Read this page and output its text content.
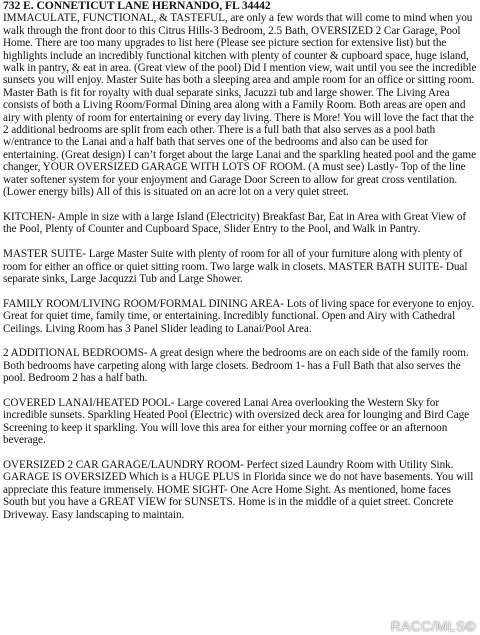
732 E. CONNETICUT LANE HERNANDO, FL 34442

IMMACULATE, FUNCTIONAL, & TASTEFUL, are only a few words that will come to mind when you walk through the front door to this Citrus Hills-3 Bedroom, 2.5 Bath, OVERSIZED 2 Car Garage, Pool Home. There are too many upgrades to list here (Please see picture section for extensive list) but the highlights include an incredibly functional kitchen with plenty of counter & cupboard space, huge island, walk in pantry, & eat in area. (Great view of the pool) Did I mention view, wait until you see the incredible sunsets you will enjoy. Master Suite has both a sleeping area and ample room for an office or sitting room. Master Bath is fit for royalty with dual separate sinks, Jacuzzi tub and large shower. The Living Area consists of both a Living Room/Formal Dining area along with a Family Room. Both areas are open and airy with plenty of room for entertaining or every day living. There is More! You will love the fact that the 2 additional bedrooms are split from each other. There is a full bath that also serves as a pool bath w/entrance to the Lanai and a half bath that serves one of the bedrooms and also can be used for entertaining. (Great design) I can’t forget about the large Lanai and the sparkling heated pool and the game changer, YOUR OVERSIZED GARAGE WITH LOTS OF ROOM. (A must see) Lastly- Top of the line water softener system for your enjoyment and Garage Door Screen to allow for great cross ventilation. (Lower energy bills) All of this is situated on an acre lot on a very quiet street.

KITCHEN- Ample in size with a large Island (Electricity) Breakfast Bar, Eat in Area with Great View of the Pool, Plenty of Counter and Cupboard Space, Slider Entry to the Pool, and Walk in Pantry.

MASTER SUITE- Large Master Suite with plenty of room for all of your furniture along with plenty of room for either an office or quiet sitting room. Two large walk in closets. MASTER BATH SUITE- Dual separate sinks, Large Jacquzzi Tub and Large Shower.

FAMILY ROOM/LIVING ROOM/FORMAL DINING AREA- Lots of living space for everyone to enjoy. Great for quiet time, family time, or entertaining. Incredibly functional. Open and Airy with Cathedral Ceilings. Living Room has 3 Panel Slider leading to Lanai/Pool Area.

2 ADDITIONAL BEDROOMS- A great design where the bedrooms are on each side of the family room. Both bedrooms have carpeting along with large closets. Bedroom 1- has a Full Bath that also serves the pool. Bedroom 2 has a half bath.

COVERED LANAI/HEATED POOL- Large covered Lanai Area overlooking the Western Sky for incredible sunsets. Sparkling Heated Pool (Electric) with oversized deck area for lounging and Bird Cage Screening to keep it sparkling. You will love this area for either your morning coffee or an afternoon beverage.

OVERSIZED 2 CAR GARAGE/LAUNDRY ROOM- Perfect sized Laundry Room with Utility Sink. GARAGE IS OVERSIZED Which is a HUGE PLUS in Florida since we do not have basements. You will appreciate this feature immensely. HOME SIGHT- One Acre Home Sight. As mentioned, home faces South but you have a GREAT VIEW for SUNSETS. Home is in the middle of a quiet street. Concrete Driveway. Easy landscaping to maintain.

RACC/MLS©
